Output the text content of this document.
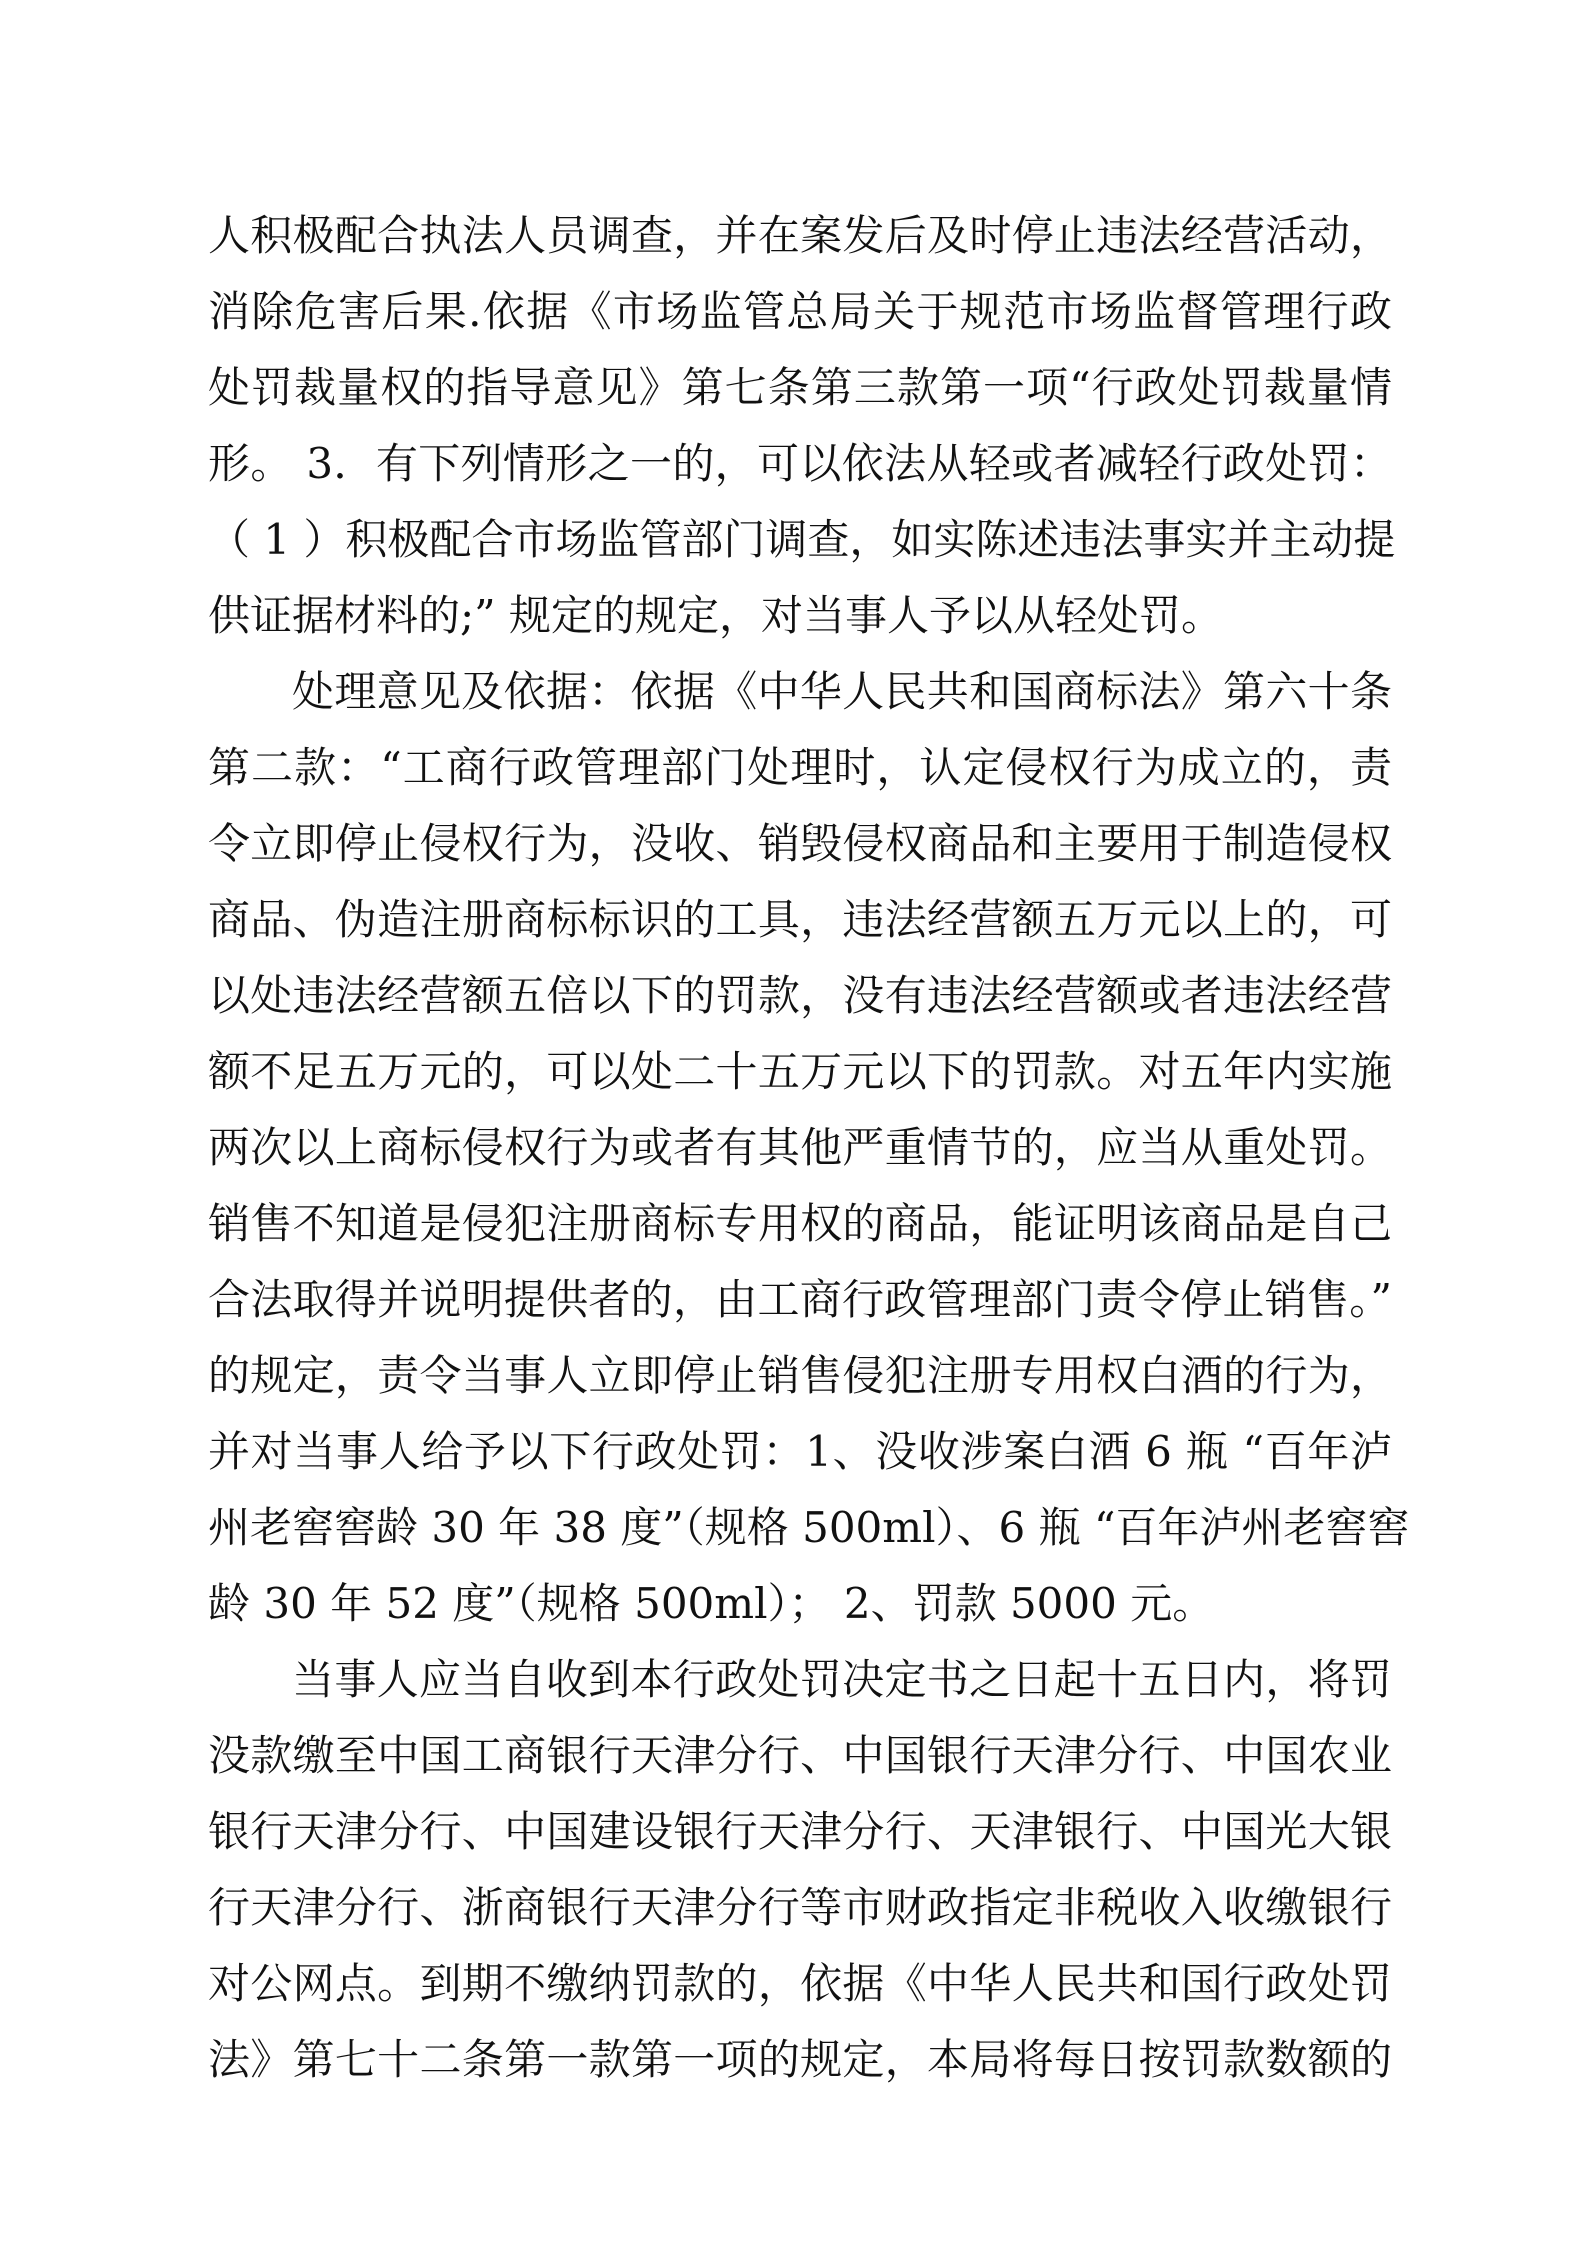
人积极配合执法人员调查，并在案发后及时停止违法经营活动，
消除危害后果.依据《市场监管总局关于规范市场监督管理行政
处罚裁量权的指导意见》第七条第三款第一项“行政处罚裁量情
形。 3．有下列情形之一的，可以依法从轻或者减轻行政处罚：
（ 1 ）积极配合市场监管部门调查，如实陈述违法事实并主动提
供证据材料的;” 规定的规定，对当事人予以从轻处罚。
处理意见及依据：依据《中华人民共和国商标法》第六十条
第二款：“工商行政管理部门处理时，认定侵权行为成立的，责
令立即停止侵权行为，没收、销毁侵权商品和主要用于制造侵权
商品、伪造注册商标标识的工具，违法经营额五万元以上的，可
以处违法经营额五倍以下的罚款，没有违法经营额或者违法经营
额不足五万元的，可以处二十五万元以下的罚款。对五年内实施
两次以上商标侵权行为或者有其他严重情节的，应当从重处罚。
销售不知道是侵犯注册商标专用权的商品，能证明该商品是自己
合法取得并说明提供者的，由工商行政管理部门责令停止销售。”
的规定，责令当事人立即停止销售侵犯注册专用权白酒的行为，
并对当事人给予以下行政处罚：1、没收涉案白酒 6 瓶 “百年泸
州老窖窖龄 30 年 38 度”（规格 500ml）、6 瓶 “百年泸州老窖窖
龄 30 年 52 度”（规格 500ml）； 2、罚款 5000 元。
当事人应当自收到本行政处罚决定书之日起十五日内，将罚
没款缴至中国工商银行天津分行、中国银行天津分行、中国农业
银行天津分行、中国建设银行天津分行、天津银行、中国光大银
行天津分行、浙商银行天津分行等市财政指定非税收入收缴银行
对公网点。到期不缴纳罚款的，依据《中华人民共和国行政处罚
法》第七十二条第一款第一项的规定，本局将每日按罚款数额的
